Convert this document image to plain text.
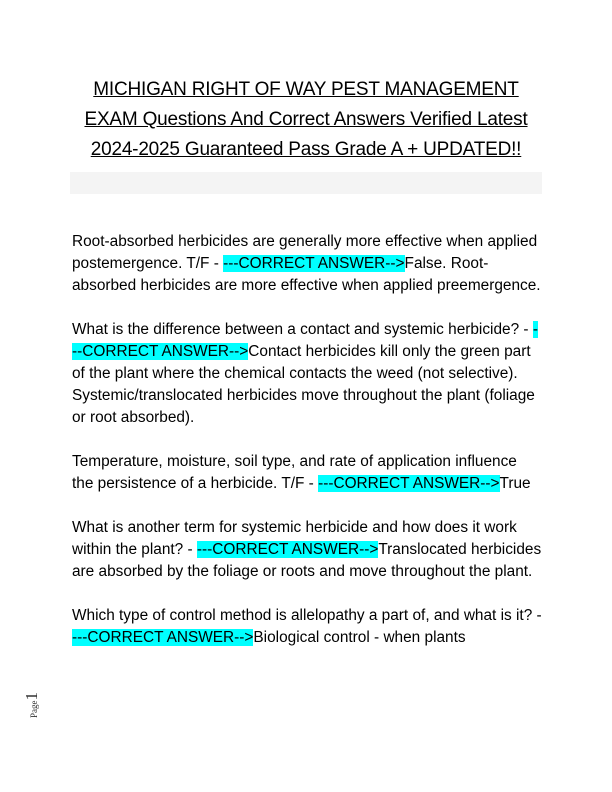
MICHIGAN RIGHT OF WAY PEST MANAGEMENT
EXAM Questions And Correct Answers Verified Latest
2024-2025 Guaranteed Pass Grade A + UPDATED!!

Root-absorbed herbicides are generally more effective when applied postemergence. T/F - ---CORRECT ANSWER-->False. Root-absorbed herbicides are more effective when applied preemergence.

What is the difference between a contact and systemic herbicide? - ---CORRECT ANSWER-->Contact herbicides kill only the green part of the plant where the chemical contacts the weed (not selective). Systemic/translocated herbicides move throughout the plant (foliage or root absorbed).

Temperature, moisture, soil type, and rate of application influence the persistence of a herbicide. T/F - ---CORRECT ANSWER-->True

What is another term for systemic herbicide and how does it work within the plant? - ---CORRECT ANSWER-->Translocated herbicides are absorbed by the foliage or roots and move throughout the plant.

Which type of control method is allelopathy a part of, and what is it? - ---CORRECT ANSWER-->Biological control - when plants

Page1
